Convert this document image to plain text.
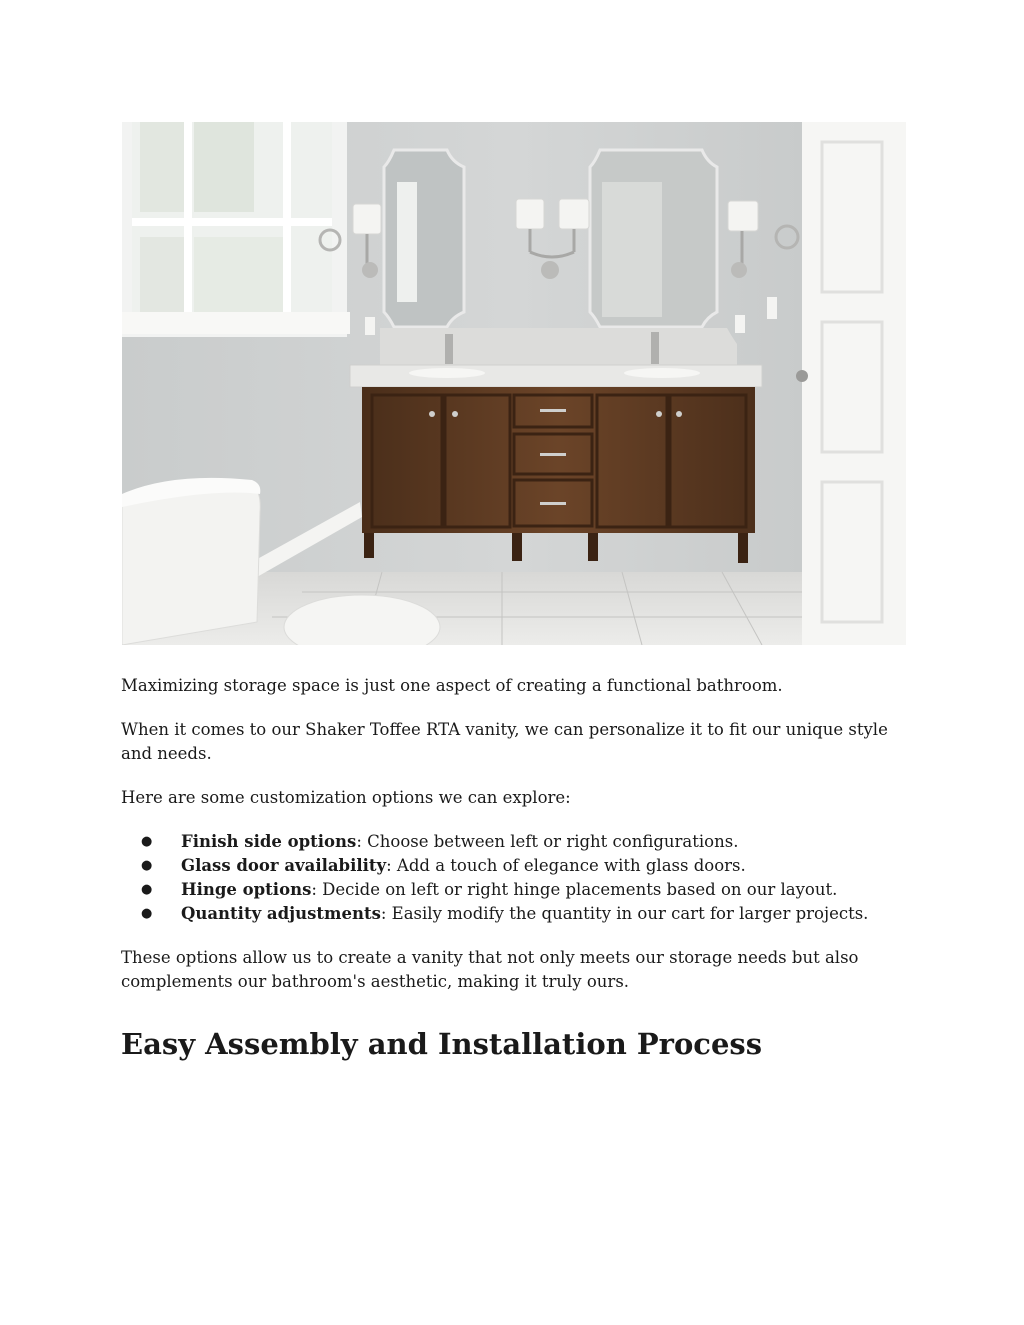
Maximizing storage space is just one aspect of creating a functional bathroom.

When it comes to our Shaker Toffee RTA vanity, we can personalize it to fit our unique style and needs.

Here are some customization options we can explore:

● Finish side options: Choose between left or right configurations.
● Glass door availability: Add a touch of elegance with glass doors.
● Hinge options: Decide on left or right hinge placements based on our layout.
● Quantity adjustments: Easily modify the quantity in our cart for larger projects.

These options allow us to create a vanity that not only meets our storage needs but also complements our bathroom's aesthetic, making it truly ours.

Easy Assembly and Installation Process
